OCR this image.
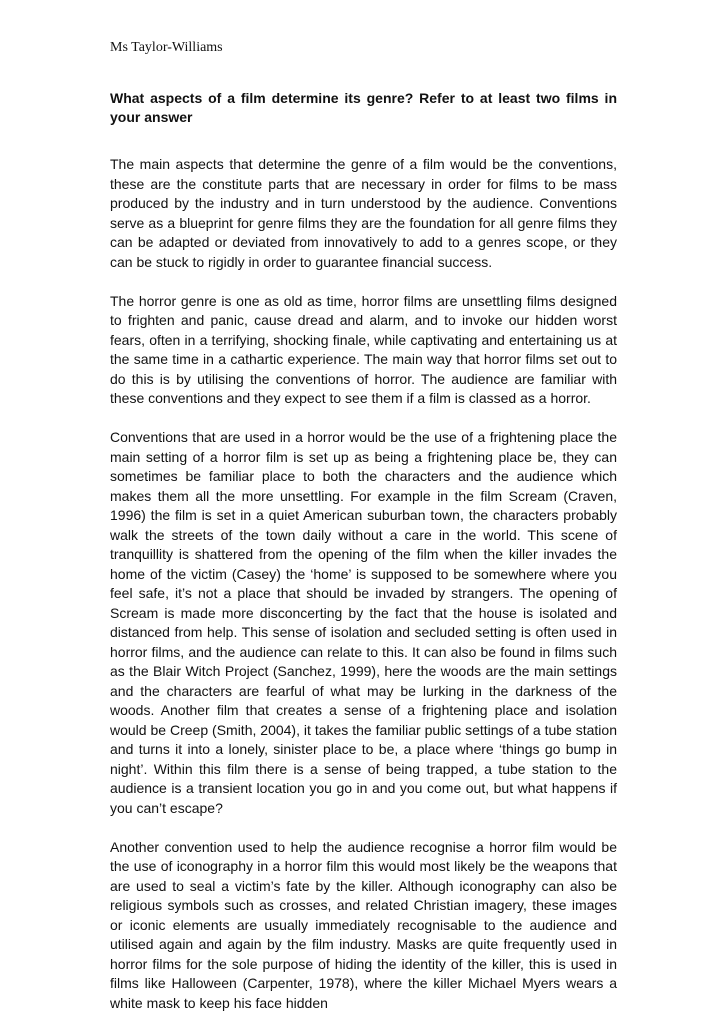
Ms Taylor-Williams
What aspects of a film determine its genre? Refer to at least two films in your answer

The main aspects that determine the genre of a film would be the conventions, these are the constitute parts that are necessary in order for films to be mass produced by the industry and in turn understood by the audience. Conventions serve as a blueprint for genre films they are the foundation for all genre films they can be adapted or deviated from innovatively to add to a genres scope, or they can be stuck to rigidly in order to guarantee financial success.

The horror genre is one as old as time, horror films are unsettling films designed to frighten and panic, cause dread and alarm, and to invoke our hidden worst fears, often in a terrifying, shocking finale, while captivating and entertaining us at the same time in a cathartic experience. The main way that horror films set out to do this is by utilising the conventions of horror. The audience are familiar with these conventions and they expect to see them if a film is classed as a horror.

Conventions that are used in a horror would be the use of a frightening place the main setting of a horror film is set up as being a frightening place be, they can sometimes be familiar place to both the characters and the audience which makes them all the more unsettling. For example in the film Scream (Craven, 1996) the film is set in a quiet American suburban town, the characters probably walk the streets of the town daily without a care in the world. This scene of tranquillity is shattered from the opening of the film when the killer invades the home of the victim (Casey) the ‘home’ is supposed to be somewhere where you feel safe, it’s not a place that should be invaded by strangers. The opening of Scream is made more disconcerting by the fact that the house is isolated and distanced from help. This sense of isolation and secluded setting is often used in horror films, and the audience can relate to this. It can also be found in films such as the Blair Witch Project (Sanchez, 1999), here the woods are the main settings and the characters are fearful of what may be lurking in the darkness of the woods. Another film that creates a sense of a frightening place and isolation would be Creep (Smith, 2004), it takes the familiar public settings of a tube station and turns it into a lonely, sinister place to be, a place where ‘things go bump in night’. Within this film there is a sense of being trapped, a tube station to the audience is a transient location you go in and you come out, but what happens if you can’t escape?

Another convention used to help the audience recognise a horror film would be the use of iconography in a horror film this would most likely be the weapons that are used to seal a victim’s fate by the killer. Although iconography can also be religious symbols such as crosses, and related Christian imagery, these images or iconic elements are usually immediately recognisable to the audience and utilised again and again by the film industry. Masks are quite frequently used in horror films for the sole purpose of hiding the identity of the killer, this is used in films like Halloween (Carpenter, 1978), where the killer Michael Myers wears a white mask to keep his face hidden
